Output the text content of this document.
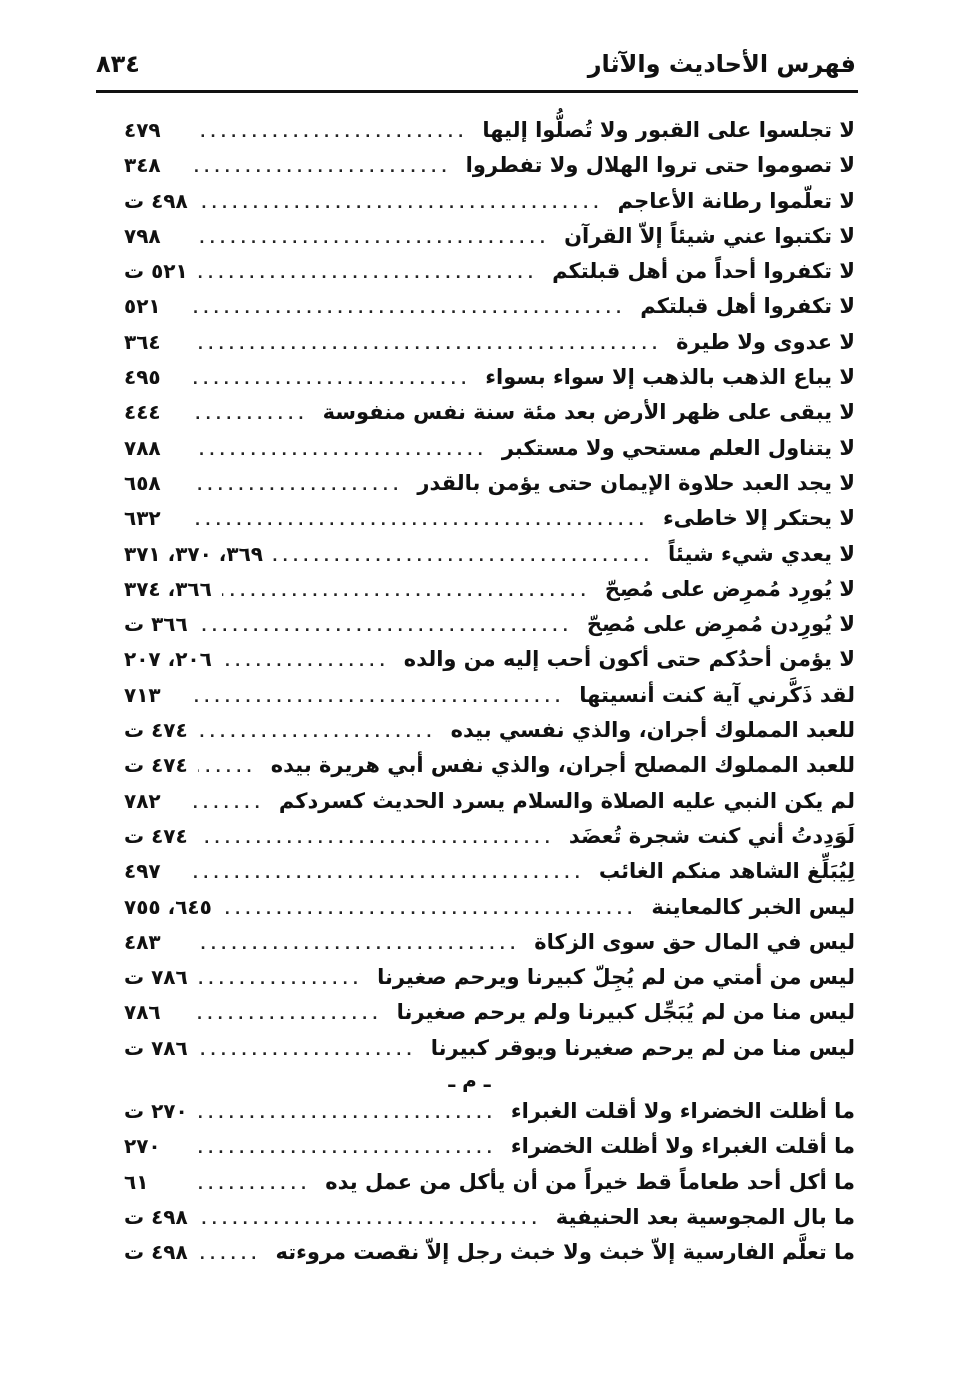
فهرس الأحاديث والآثار
٨٣٤
لا تجلسوا على القبور ولا تُصلُّوا إليها
.....
٤٧٩
لا تصوموا حتى تروا الهلال ولا تفطروا
.....
٣٤٨
لا تعلّموا رطانة الأعاجم
.....
٤٩٨ ت
لا تكتبوا عني شيئاً إلاّ القرآن
.....
٧٩٨
لا تكفروا أحداً من أهل قبلتكم
.....
٥٢١ ت
لا تكفروا أهل قبلتكم
.....
٥٢١
لا عدوى ولا طيرة
.....
٣٦٤
لا يباع الذهب بالذهب إلا سواء بسواء
.....
٤٩٥
لا يبقى على ظهر الأرض بعد مئة سنة نفس منفوسة
.....
٤٤٤
لا يتناول العلم مستحي ولا مستكبر
.....
٧٨٨
لا يجد العبد حلاوة الإيمان حتى يؤمن بالقدر
.....
٦٥٨
لا يحتكر إلا خاطىء
.....
٦٣٢
لا يعدي شيء شيئاً
.....
٣٦٩، ٣٧٠، ٣٧١
لا يُورِد مُمرِض على مُصِحّ
.....
٣٦٦، ٣٧٤
لا يُورِدن مُمرِض على مُصِحّ
.....
٣٦٦ ت
لا يؤمن أحدُكم حتى أكون أحب إليه من والده
.....
٢٠٦، ٢٠٧
لقد ذَكَّرني آية كنت أنسيتها
.....
٧١٣
للعبد المملوك أجران، والذي نفسي بيده
.....
٤٧٤ ت
للعبد المملوك المصلح أجران، والذي نفس أبي هريرة بيده
.....
٤٧٤ ت
لم يكن النبي عليه الصلاة والسلام يسرد الحديث كسردكم
.....
٧٨٢
لَوَدِدتُ أني كنت شجرة تُعضَد
.....
٤٧٤ ت
لِيُبَلِّغ الشاهد منكم الغائب
.....
٤٩٧
ليس الخبر كالمعاينة
.....
٦٤٥، ٧٥٥
ليس في المال حق سوى الزكاة
.....
٤٨٣
ليس من أمتي من لم يُجِلّ كبيرنا ويرحم صغيرنا
.....
٧٨٦ ت
ليس منا من لم يُبَجِّل كبيرنا ولم يرحم صغيرنا
.....
٧٨٦
ليس منا من لم يرحم صغيرنا ويوقر كبيرنا
.....
٧٨٦ ت
ـ م ـ
ما أظلت الخضراء ولا أقلت الغبراء
.....
٢٧٠ ت
ما أقلت الغبراء ولا أظلت الخضراء
.....
٢٧٠
ما أكل أحد طعاماً قط خيراً من أن يأكل من عمل يده
.....
٦١
ما بال المجوسية بعد الحنيفية
.....
٤٩٨ ت
ما تعلَّم الفارسية إلاّ خبث ولا خبث رجل إلاّ نقصت مروءته
.....
٤٩٨ ت
